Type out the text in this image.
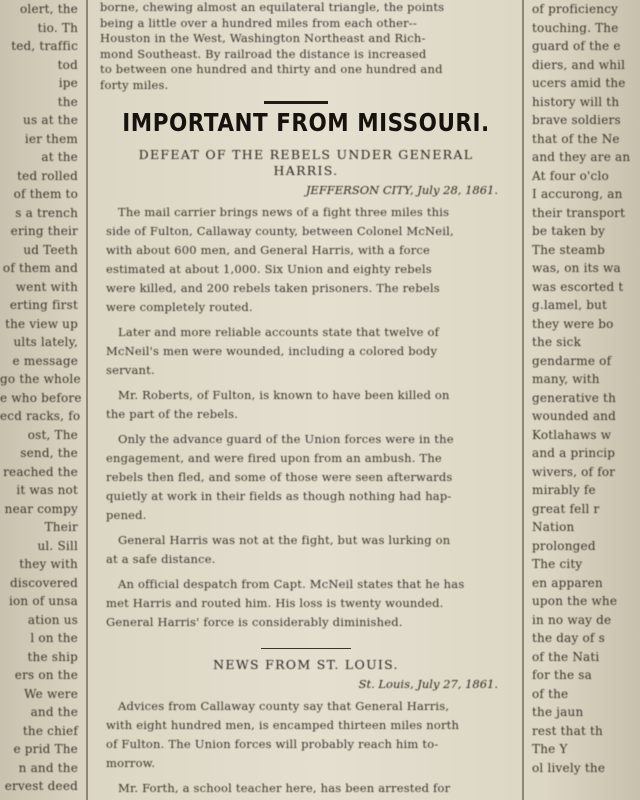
olert, the
tio. Th
ted, traffic
tod
ipe
the
us at the
ier them
at the
ted rolled
of them to
s a trench
ering their
ud Teeth
of them and
went with
erting first
the view up
ults lately,
e message
go the whole
e who before
ecd racks, fo
ost, The
send, the
reached the
it was not
near compy
Their
ul. Sill
they with
discovered
ion of unsa
ation us
l on the
the ship
ers on the
We were
and the
the chief
e prid The
n and the
ervest deed
borne, chewing almost an equilateral triangle, the points
being a little over a hundred miles from each other--
Houston in the West, Washington Northeast and Rich-
mond Southeast. By railroad the distance is increased
to between one hundred and thirty and one hundred and
forty miles.
IMPORTANT FROM MISSOURI.
DEFEAT OF THE REBELS UNDER GENERAL
HARRIS.
JEFFERSON CITY, July 28, 1861.
The mail carrier brings news of a fight three miles this
side of Fulton, Callaway county, between Colonel McNeil,
with about 600 men, and General Harris, with a force
estimated at about 1,000. Six Union and eighty rebels
were killed, and 200 rebels taken prisoners. The rebels
were completely routed.
Later and more reliable accounts state that twelve of
McNeil's men were wounded, including a colored body
servant.
Mr. Roberts, of Fulton, is known to have been killed on
the part of the rebels.
Only the advance guard of the Union forces were in the
engagement, and were fired upon from an ambush. The
rebels then fled, and some of those were seen afterwards
quietly at work in their fields as though nothing had hap-
pened.
General Harris was not at the fight, but was lurking on
at a safe distance.
An official despatch from Capt. McNeil states that he has
met Harris and routed him. His loss is twenty wounded.
General Harris' force is considerably diminished.
NEWS FROM ST. LOUIS.
St. Louis, July 27, 1861.
Advices from Callaway county say that General Harris,
with eight hundred men, is encamped thirteen miles north
of Fulton. The Union forces will probably reach him to-
morrow.
Mr. Forth, a school teacher here, has been arrested for
of proficiency
touching. The
guard of the e
diers, and whil
ucers amid the
history will th
brave soldiers
that of the Ne
and they are an
At four o'clo
I accurong, an
their transport
be taken by
The steamb
was, on its wa
was escorted t
g.lamel, but
they were bo
the sick
gendarme of
many, with
generative th
wounded and
Kotlahaws w
and a princip
wivers, of for
mirably fe
great fell r
Nation
prolonged
The city
en apparen
upon the whe
in no way de
the day of s
of the Nati
for the sa
of the
the jaun
rest that th
The Y
ol lively the
